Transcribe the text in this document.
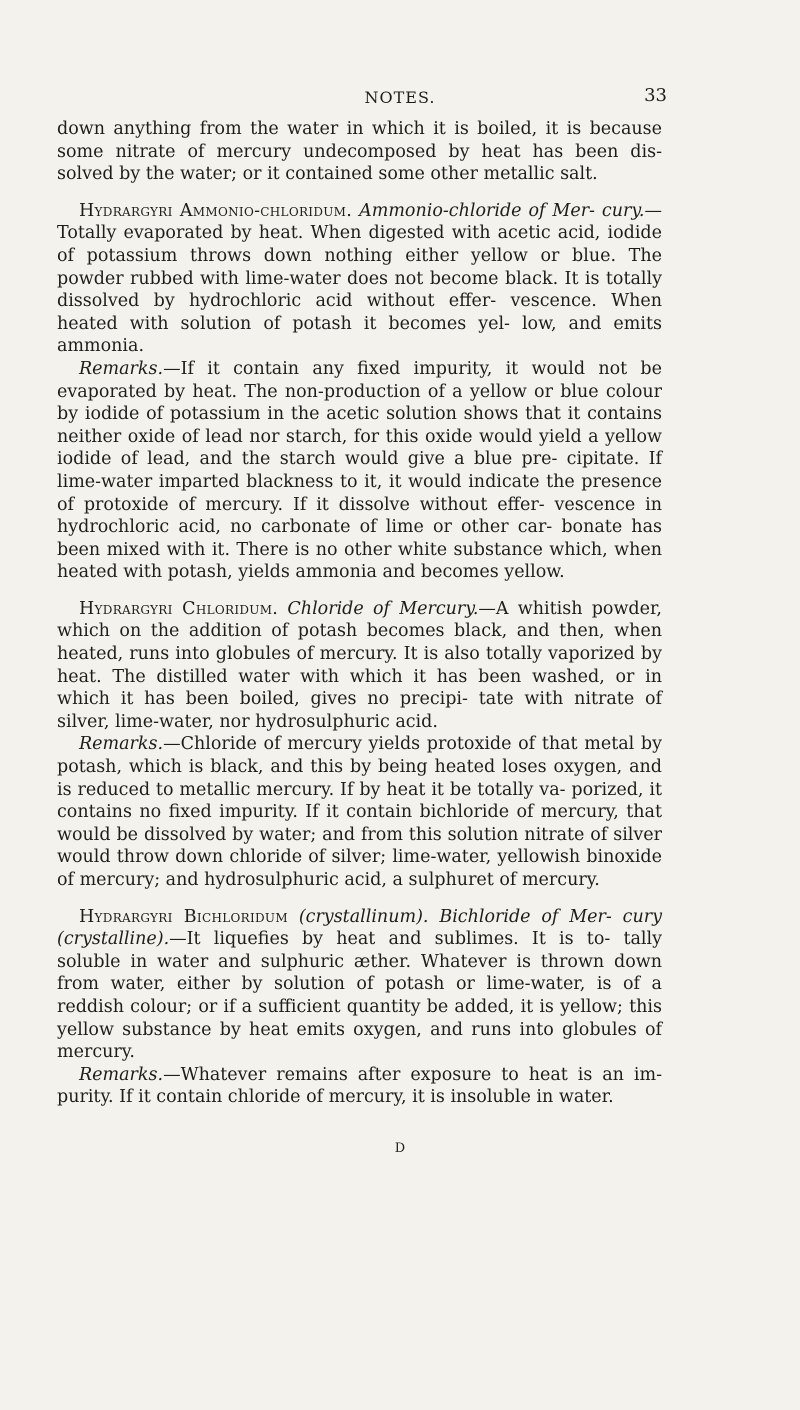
NOTES.	33

down anything from the water in which it is boiled, it is because some nitrate of mercury undecomposed by heat has been dis- solved by the water; or it contained some other metallic salt.

Hydrargyri Ammonio-chloridum. Ammonio-chloride of Mer- cury.—Totally evaporated by heat. When digested with acetic acid, iodide of potassium throws down nothing either yellow or blue. The powder rubbed with lime-water does not become black. It is totally dissolved by hydrochloric acid without effer- vescence. When heated with solution of potash it becomes yel- low, and emits ammonia.

Remarks.—If it contain any fixed impurity, it would not be evaporated by heat. The non-production of a yellow or blue colour by iodide of potassium in the acetic solution shows that it contains neither oxide of lead nor starch, for this oxide would yield a yellow iodide of lead, and the starch would give a blue pre- cipitate. If lime-water imparted blackness to it, it would indicate the presence of protoxide of mercury. If it dissolve without effer- vescence in hydrochloric acid, no carbonate of lime or other car- bonate has been mixed with it. There is no other white substance which, when heated with potash, yields ammonia and becomes yellow.

Hydrargyri Chloridum. Chloride of Mercury.—A whitish powder, which on the addition of potash becomes black, and then, when heated, runs into globules of mercury. It is also totally vaporized by heat. The distilled water with which it has been washed, or in which it has been boiled, gives no precipi- tate with nitrate of silver, lime-water, nor hydrosulphuric acid.

Remarks.—Chloride of mercury yields protoxide of that metal by potash, which is black, and this by being heated loses oxygen, and is reduced to metallic mercury. If by heat it be totally va- porized, it contains no fixed impurity. If it contain bichloride of mercury, that would be dissolved by water; and from this solution nitrate of silver would throw down chloride of silver; lime-water, yellowish binoxide of mercury; and hydrosulphuric acid, a sulphuret of mercury.

Hydrargyri Bichloridum (crystallinum). Bichloride of Mer- cury (crystalline).—It liquefies by heat and sublimes. It is to- tally soluble in water and sulphuric æther. Whatever is thrown down from water, either by solution of potash or lime-water, is of a reddish colour; or if a sufficient quantity be added, it is yellow; this yellow substance by heat emits oxygen, and runs into globules of mercury.

Remarks.—Whatever remains after exposure to heat is an im- purity. If it contain chloride of mercury, it is insoluble in water.

D
